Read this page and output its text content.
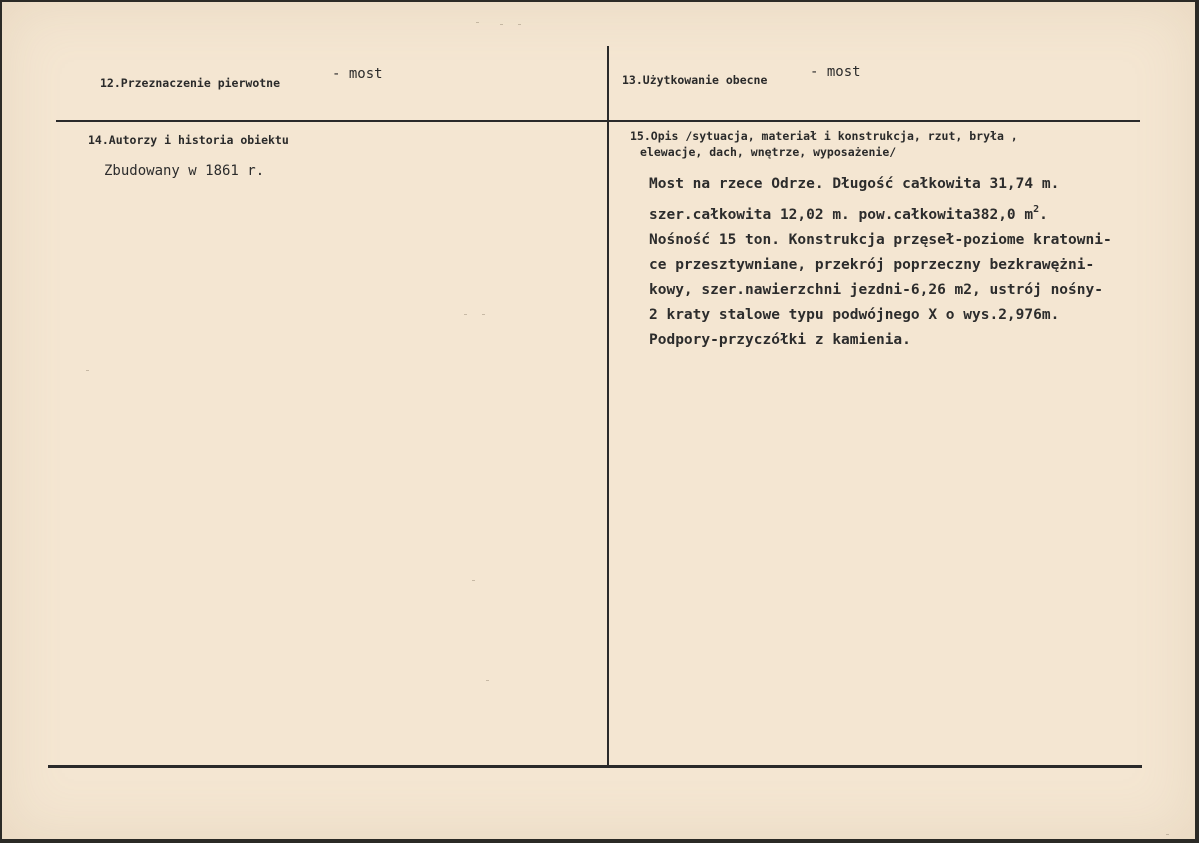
12.Przeznaczenie pierwotne
- most	13.Użytkowanie obecne	- most
14.Autorzy i historia obiektu
Zbudowany w 1861 r.
15.Opis /sytuacja, materiał i konstrukcja, rzut, bryła ,
elewacje, dach, wnętrze, wyposażenie/
Most na rzece Odrze. Długość całkowita 31,74 m.
szer.całkowita 12,02 m. pow.całkowita382,0 $m^2$.
Nośność 15 ton. Konstrukcja przęseł-poziome kratowni-
ce przesztywniane, przekrój poprzeczny bezkrawężni-
kowy, szer.nawierzchni jezdni-6,26 m2, ustrój nośny-
2 kraty stalowe typu podwójnego X o wys.2,976m.
Podpory-przyczółki z kamienia.
